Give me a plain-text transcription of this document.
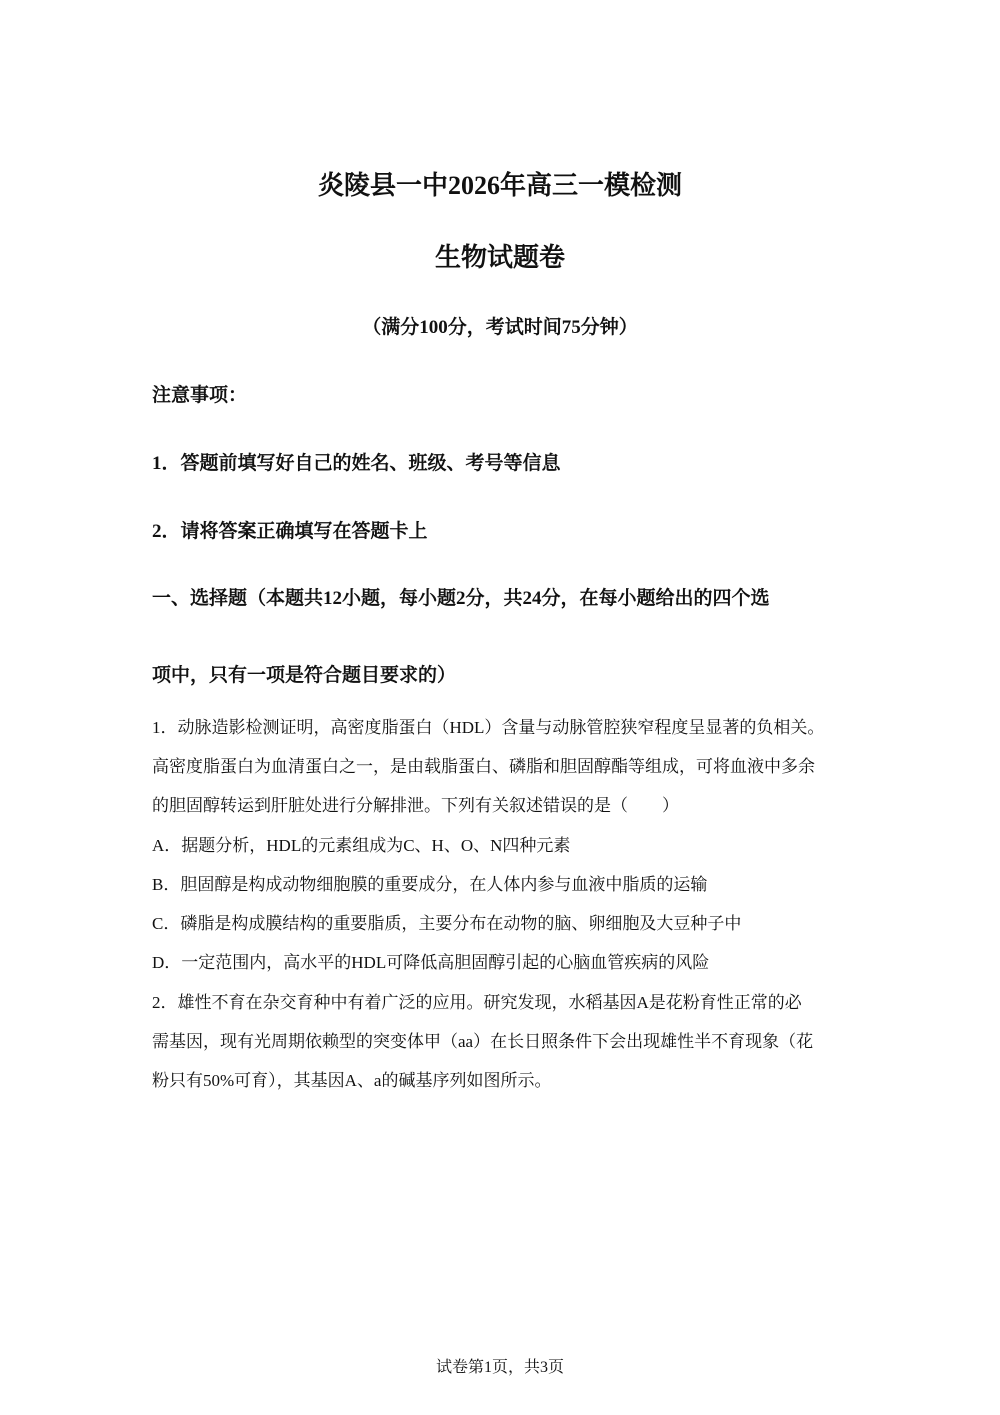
炎陵县一中2026年高三一模检测
生物试题卷
（满分100分，考试时间75分钟）
注意事项：
1．答题前填写好自己的姓名、班级、考号等信息
2．请将答案正确填写在答题卡上
一、选择题（本题共12小题，每小题2分，共24分，在每小题给出的四个选
项中，只有一项是符合题目要求的）
1．动脉造影检测证明，高密度脂蛋白（HDL）含量与动脉管腔狭窄程度呈显著的负相关。
高密度脂蛋白为血清蛋白之一，是由载脂蛋白、磷脂和胆固醇酯等组成，可将血液中多余
的胆固醇转运到肝脏处进行分解排泄。下列有关叙述错误的是（　　）
A．据题分析，HDL的元素组成为C、H、O、N四种元素
B．胆固醇是构成动物细胞膜的重要成分，在人体内参与血液中脂质的运输
C．磷脂是构成膜结构的重要脂质，主要分布在动物的脑、卵细胞及大豆种子中
D．一定范围内，高水平的HDL可降低高胆固醇引起的心脑血管疾病的风险
2．雄性不育在杂交育种中有着广泛的应用。研究发现，水稻基因A是花粉育性正常的必
需基因，现有光周期依赖型的突变体甲（aa）在长日照条件下会出现雄性半不育现象（花
粉只有50%可育），其基因A、a的碱基序列如图所示。
试卷第1页，共3页
